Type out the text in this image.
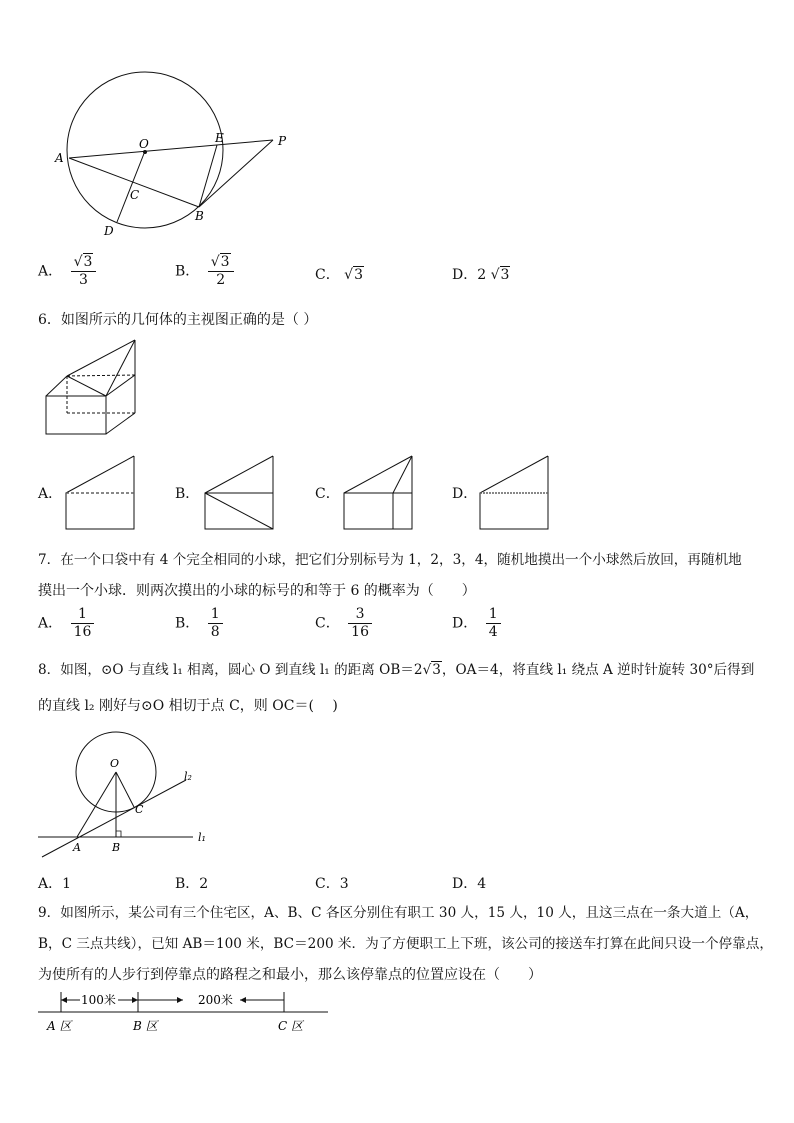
A
O	E	P
C
B
D
A． $\frac{√3}{3}$	B． $\frac{√3}{2}$	C． √3	D．2 √3
6．如图所示的几何体的主视图正确的是（ ）
A．	B．	C．	D．
7．在一个口袋中有 4 个完全相同的小球，把它们分别标号为 1，2，3，4，随机地摸出一个小球然后放回，再随机地
摸出一个小球．则两次摸出的小球的标号的和等于 6 的概率为（　　）
A． $\frac{1}{16}$	B． $\frac{1}{8}$	C． $\frac{3}{16}$	D． $\frac{1}{4}$
8．如图，⊙O 与直线 l₁ 相离，圆心 O 到直线 l₁ 的距离 OB＝2√3，OA＝4，将直线 l₁ 绕点 A 逆时针旋转 30°后得到
的直线 l₂ 刚好与⊙O 相切于点 C，则 OC＝(　 )
O
C
A	B
l₁
l₂
A．1	B．2	C．3	D．4
9．如图所示，某公司有三个住宅区，A、B、C 各区分别住有职工 30 人，15 人，10 人，且这三点在一条大道上（A，
B，C 三点共线），已知 AB＝100 米，BC＝200 米．为了方便职工上下班，该公司的接送车打算在此间只设一个停靠点，
为使所有的人步行到停靠点的路程之和最小，那么该停靠点的位置应设在（　　）
100米	200米
A 区	B 区	C 区
